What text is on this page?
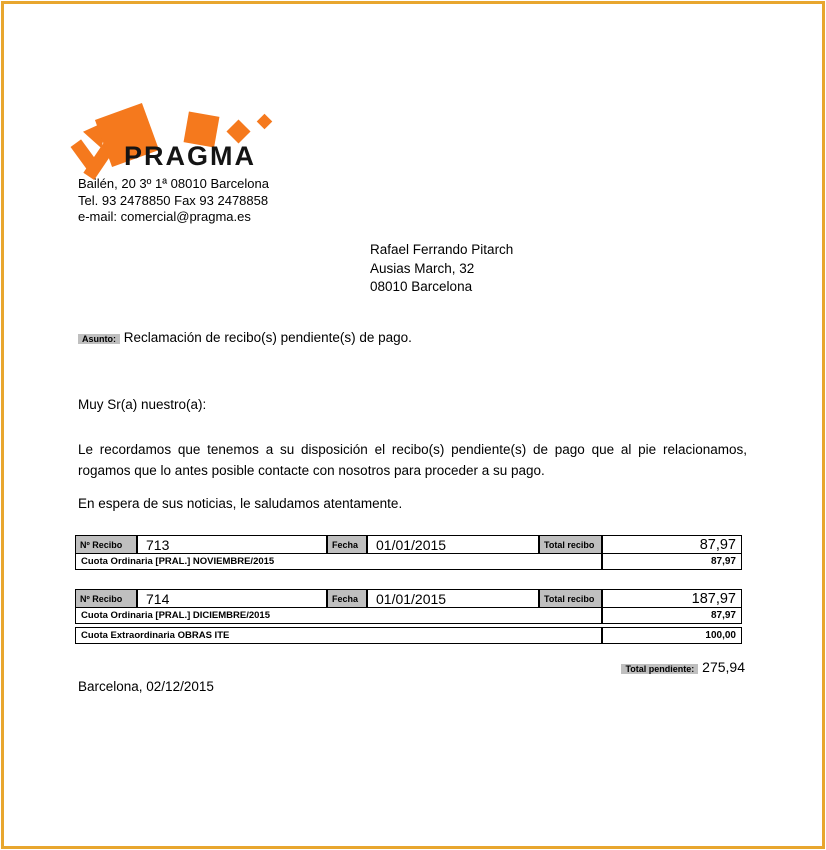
PRAGMA
Bailén, 20 3º 1ª 08010 Barcelona
Tel. 93 2478850 Fax 93 2478858
e-mail: comercial@pragma.es
Rafael Ferrando Pitarch
Ausias March, 32
08010 Barcelona
Asunto: Reclamación de recibo(s) pendiente(s) de pago.
Muy Sr(a) nuestro(a):
Le recordamos que tenemos a su disposición el recibo(s) pendiente(s) de pago que al pie relacionamos, rogamos que lo antes posible contacte con nosotros para proceder a su pago.
En espera de sus noticias, le saludamos atentamente.
Nº Recibo	713	Fecha	01/01/2015	Total recibo	87,97
Cuota Ordinaria [PRAL.] NOVIEMBRE/2015	87,97
Nº Recibo	714	Fecha	01/01/2015	Total recibo	187,97
Cuota Ordinaria [PRAL.] DICIEMBRE/2015	87,97
Cuota Extraordinaria OBRAS ITE	100,00
Total pendiente: 275,94
Barcelona, 02/12/2015
